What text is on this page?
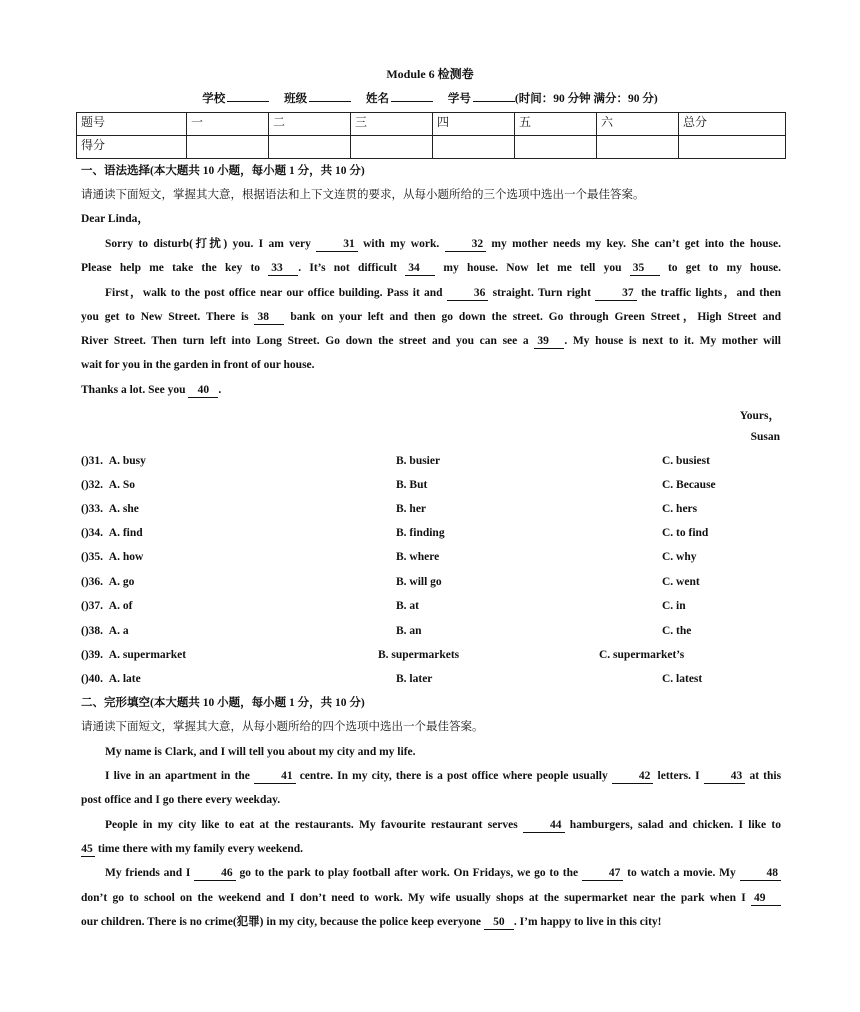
Module 6 检测卷
学校	班级	姓名	学号	(时间：90 分钟 满分：90 分)
题号	一	二	三	四	五	六	总分
得分							
一、语法选择(本大题共 10 小题，每小题 1 分，共 10 分)
请通读下面短文，掌握其大意，根据语法和上下文连贯的要求，从每小题所给的三个选项中选出一个最佳答案。
Dear Linda，
Sorry to disturb(打扰) you. I am very	31 with my work.	32 my mother needs my key. She can’t get into the house.
Please help me take the key to 33 . It’s not difficult 34 my house. Now let me tell you 35 to get to my house.
First，walk to the post office near our office building. Pass it and	36 straight. Turn right	37 the traffic lights，and then
you get to New Street. There is 38 bank on your left and then go down the street. Go through Green Street，High Street and
River Street. Then turn left into Long Street. Go down the street and you can see a 39 . My house is next to it. My mother will
wait for you in the garden in front of our house.
Thanks a lot. See you 40 .
Yours，
Susan
()31. A. busy	B. busier	C. busiest
()32. A. So	B. But	C. Because
()33. A. she	B. her	C. hers
()34. A. find	B. finding	C. to find
()35. A. how	B. where	C. why
()36. A. go	B. will go	C. went
()37. A. of	B. at	C. in
()38. A. a	B. an	C. the
()39. A. supermarket	B. supermarkets	C. supermarket’s
()40. A. late	B. later	C. latest
二、完形填空(本大题共 10 小题，每小题 1 分，共 10 分)
请通读下面短文，掌握其大意，从每小题所给的四个选项中选出一个最佳答案。
My name is Clark, and I will tell you about my city and my life.
I live in an apartment in the	41 centre. In my city, there is a post office where people usually	42 letters. I	43 at this
post office and I go there every weekday.
People in my city like to eat at the restaurants. My favourite restaurant serves	44 hamburgers, salad and chicken. I like to
45 time there with my family every weekend.
My friends and I	46 go to the park to play football after work. On Fridays, we go to the	47 to watch a movie. My	48
don’t go to school on the weekend and I don’t need to work. My wife usually shops at the supermarket near the park when I 49
our children. There is no crime(犯罪) in my city, because the police keep everyone 50 . I’m happy to live in this city!
